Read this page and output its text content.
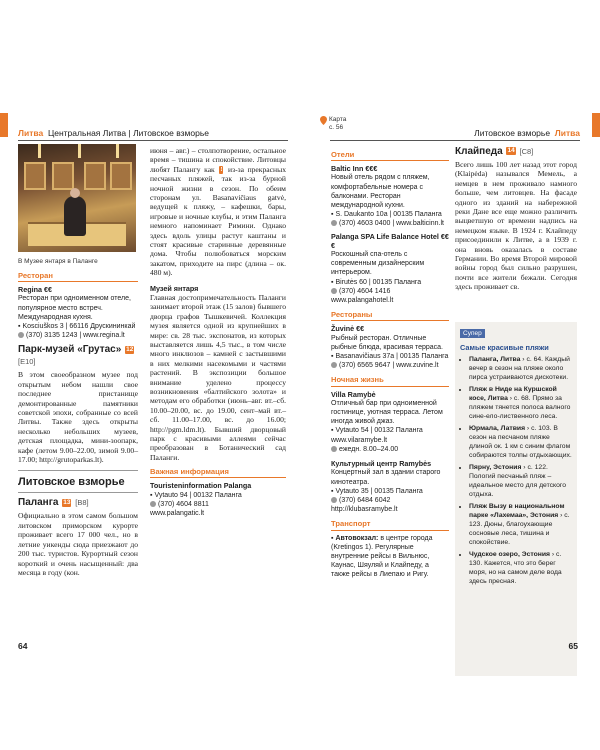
Литва Центральная Литва | Литовское взморье
В Музее янтаря в Паланге
Ресторан
Regina €€
Ресторан при одноименном отеле, популярное место встреч. Международная кухня.
▪ Kosciuškos 3 | 66116 Друскининкай
(370) 3135 1243 | www.regina.lt
Парк-музей «Грутас» 12 [E10]
В этом своеобразном музее под открытым небом нашли свое последнее пристанище демонтированные памятники советской эпохи, собранные со всей Литвы. Также здесь открыты несколько небольших музеев, детская площадка, мини-зоопарк, кафе (летом 9.00–22.00, зимой 9.00–17.00; http://grutoparkas.lt).
Литовское взморье
Паланга 13 [B8]
Официально в этом самом большом литовском приморском курорте проживает всего 17 000 чел., но в летние уикенды сюда приезжают до 200 тыс. туристов. Курортный сезон короткий и очень насыщенный: два месяца в году (кон.
июня – авг.) – столпотворение, остальное время – тишина и спокойствие. Литовцы любят Палангу как ! из-за прекрасных песчаных пляжей, так из-за бурной ночной жизни в сезон. По обеим сторонам ул. Basanavičiaus gatvė, ведущей к пляжу, – кафешки, бары, игровые и ночные клубы, и этим Паланга немного напоминает Римини. Однако здесь вдоль улицы растут каштаны и стоят красивые старинные деревянные дома. Чтобы полюбоваться морским закатом, приходите на пирс (длина – ок. 480 м).
Музей янтаря
Главная достопримечательность Паланги занимает второй этаж (15 залов) бывшего дворца графов Тышкевичей. Коллекция музея является одной из крупнейших в мире: св. 28 тыс. экспонатов, из которых выставляется лишь 4,5 тыс., в том числе много инклюзов – камней с застывшими в них мелкими насекомыми и частями растений. В экспозиции большое внимание уделено процессу возникновения «балтийского золота» и методам его обработки (июнь–авг. вт.–сб. 10.00–20.00, вс. до 19.00, сент–май вт.–сб. 11.00–17.00, вс. до 16.00; http://pgm.ldm.lt). Бывший дворцовый парк с красивыми аллеями сейчас преобразован в Ботанический сад Паланги.
Важная информация
Touristeninformation Palanga
▪ Vytauto 94 | 00132 Паланга
(370) 4604 8811
www.palangatic.lt
64
Карта
с. 56
Литовское взморье Литва
Отели
Baltic Inn €€€
Новый отель рядом с пляжем, комфортабельные номера с балконами. Ресторан международной кухни.
▪ S. Daukanto 10a | 00135 Паланга
(370) 4603 0400 | www.balticinn.lt
Palanga SPA Life Balance Hotel €€€
Роскошный спа-отель с современным дизайнерским интерьером.
▪ Birutės 60 | 00135 Паланга
(370) 4604 1416
www.palangahotel.lt
Рестораны
Žuvinė €€
Рыбный ресторан. Отличные рыбные блюда, красивая терраса.
▪ Basanavičiaus 37a | 00135 Паланга
(370) 6565 9647 | www.zuvine.lt
Ночная жизнь
Villa Ramybė
Отличный бар при одноименной гостинице, уютная терраса. Летом иногда живой джаз.
▪ Vytauto 54 | 00132 Паланга
www.vilaramybe.lt
ежедн. 8.00–24.00
Культурный центр Ramybės
Концертный зал в здании старого кинотеатра.
▪ Vytauto 35 | 00135 Паланга
(370) 6484 6042
http://klubasramybe.lt
Транспорт
▪ Автовокзал: в центре города (Kretingos 1). Регулярные внутренние рейсы в Вильнюс, Каунас, Шяуляй и Клайпеду, а также рейсы в Лиепаю и Ригу.
Клайпеда 14 [C8]
Всего лишь 100 лет назад этот город (Klaipėda) назывался Мемель, а немцев в нем проживало намного больше, чем литовцев. На фасаде одного из зданий на набережной реки Дане все еще можно различить выцветшую от времени надпись на немецком языке. В 1924 г. Клайпеду присоединили к Литве, а в 1939 г. она вновь оказалась в составе Германии. Во время Второй мировой войны город был сильно разрушен, почти все жители бежали. Сегодня здесь проживает св.
Cупер
Самые красивые пляжи
• Паланга, Литва › с. 64. Каждый вечер в сезон на пляже около пирса устраиваются дискотеки.
• Пляж в Ниде на Куршской косе, Литва › с. 68. Прямо за пляжем тянется полоса валного сине-ело-лиственного леса.
• Юрмала, Латвия › с. 103. В сезон на песчаном пляже длиной ок. 1 км с синим флагом собираются толпы отдыхающих.
• Пярну, Эстония › с. 122. Пологий песчаный пляж – идеальное место для детского отдыха.
• Пляж Вызу в национальном парке «Лахемаа», Эстония › с. 123. Дюны, благоухающие сосновые леса, тишина и спокойствие.
• Чудское озеро, Эстония › с. 130. Кажется, что это берег моря, но на самом деле вода здесь пресная.
65
